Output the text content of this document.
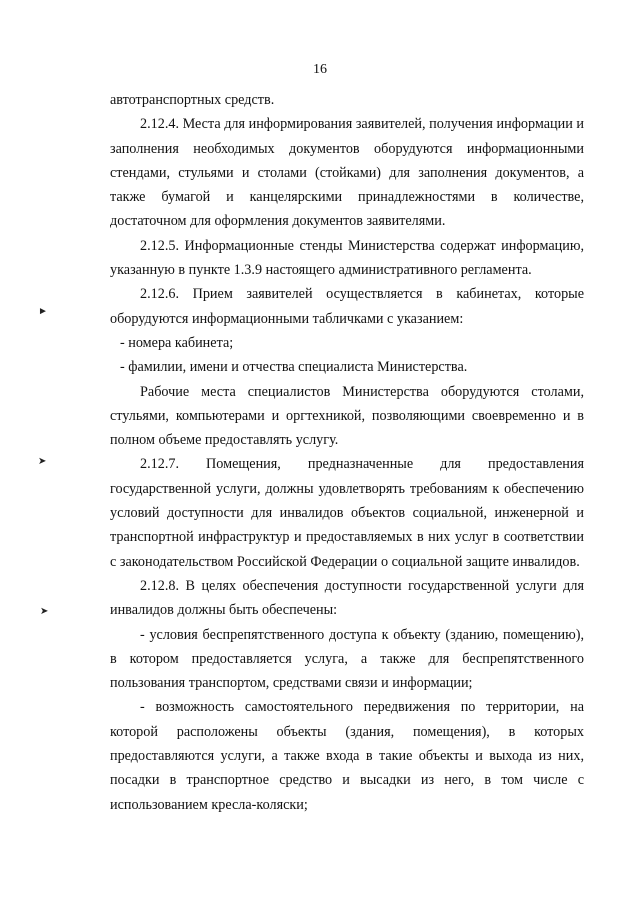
16

автотранспортных средств.

2.12.4. Места для информирования заявителей, получения информации и заполнения необходимых документов оборудуются информационными стендами, стульями и столами (стойками) для заполнения документов, а также бумагой и канцелярскими принадлежностями в количестве, достаточном для оформления документов заявителями.

2.12.5. Информационные стенды Министерства содержат информацию, указанную в пункте 1.3.9 настоящего административного регламента.

2.12.6. Прием заявителей осуществляется в кабинетах, которые оборудуются информационными табличками с указанием:

- номера кабинета;

- фамилии, имени и отчества специалиста Министерства.

Рабочие места специалистов Министерства оборудуются столами, стульями, компьютерами и оргтехникой, позволяющими своевременно и в полном объеме предоставлять услугу.

2.12.7. Помещения, предназначенные для предоставления государственной услуги, должны удовлетворять требованиям к обеспечению условий доступности для инвалидов объектов социальной, инженерной и транспортной инфраструктур и предоставляемых в них услуг в соответствии с законодательством Российской Федерации о социальной защите инвалидов.

2.12.8. В целях обеспечения доступности государственной услуги для инвалидов должны быть обеспечены:

- условия беспрепятственного доступа к объекту (зданию, помещению), в котором предоставляется услуга, а также для беспрепятственного пользования транспортом, средствами связи и информации;

- возможность самостоятельного передвижения по территории, на которой расположены объекты (здания, помещения), в которых предоставляются услуги, а также входа в такие объекты и выхода из них, посадки в транспортное средство и высадки из него, в том числе с использованием кресла-коляски;

►
➤
➤
